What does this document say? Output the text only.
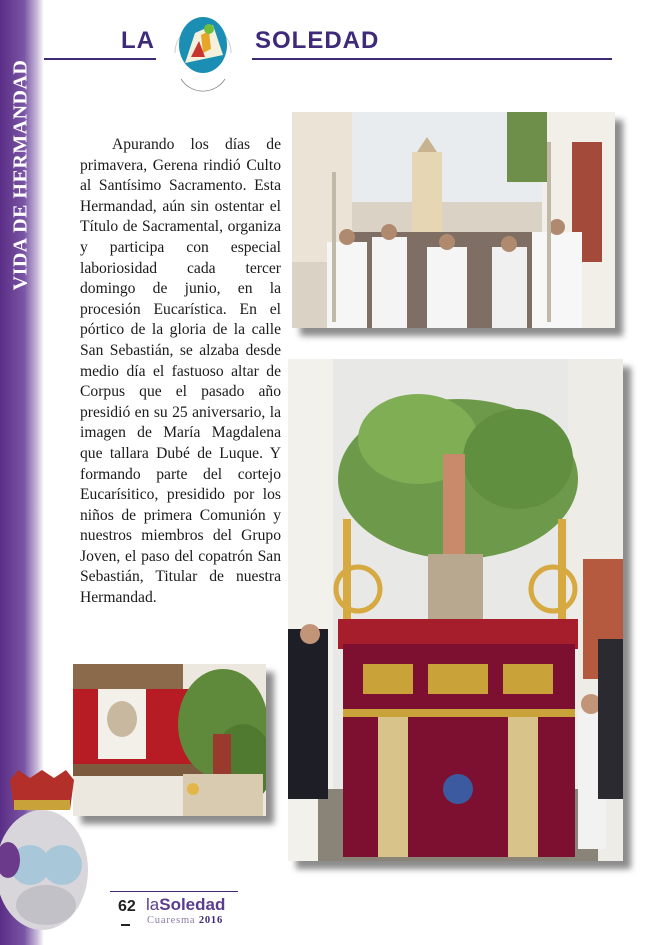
VIDA DE HERMANDAD
LA	SOLEDAD
Apurando los días de primavera, Gerena rindió Culto al Santísimo Sacramento. Esta Hermandad, aún sin ostentar el Título de Sacramental, organiza y participa con especial laboriosidad cada tercer domingo de junio, en la procesión Eucarística. En el pórtico de la gloria de la calle San Sebastián, se alzaba desde medio día el fastuoso altar de Corpus que el pasado año presidió en su 25 aniversario, la imagen de María Magdalena que tallara Dubé de Luque. Y formando parte del cortejo Eucarísitico, presidido por los niños de primera Comunión y nuestros miembros del Grupo Joven, el paso del copatrón San Sebastián, Titular de nuestra Hermandad.
62 laSoledad
Cuaresma 2016
